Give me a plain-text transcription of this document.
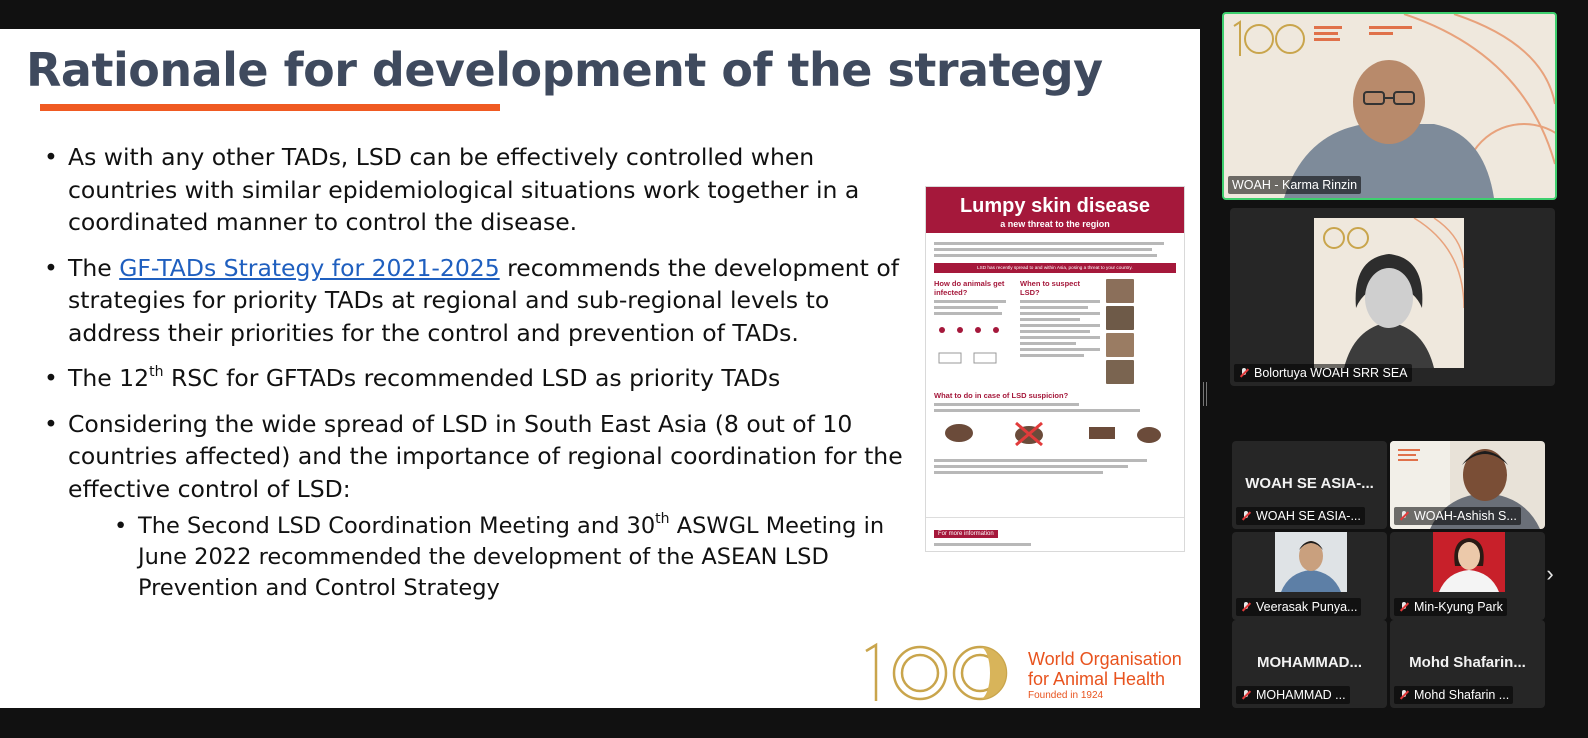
Rationale for development of the strategy
• As with any other TADs, LSD can be effectively controlled when countries with similar epidemiological situations work together in a coordinated manner to control the disease.
• The GF-TADs Strategy for 2021-2025 recommends the development of strategies for priority TADs at regional and sub-regional levels to address their priorities for the control and prevention of TADs.
• The 12th RSC for GFTADs recommended LSD as priority TADs
• Considering the wide spread of LSD in South East Asia (8 out of 10 countries affected) and the importance of regional coordination for the effective control of LSD:
• The Second LSD Coordination Meeting and 30th ASWGL Meeting in June 2022 recommended the development of the ASEAN LSD Prevention and Control Strategy
Lumpy skin disease
a new threat to the region
LSD has recently spread to and within Asia, posing a threat to your country.
How do animals get infected?
When to suspect LSD?
What to do in case of LSD suspicion?
For more information
World Organisation
for Animal Health
Founded in 1924
WOAH - Karma Rinzin
Bolortuya WOAH SRR SEA
WOAH SE ASIA-...
WOAH SE ASIA-...	WOAH-Ashish S...
Veerasak Punya...	Min-Kyung Park
MOHAMMAD...
MOHAMMAD ...
Mohd Shafarin...
Mohd Shafarin ...
›
